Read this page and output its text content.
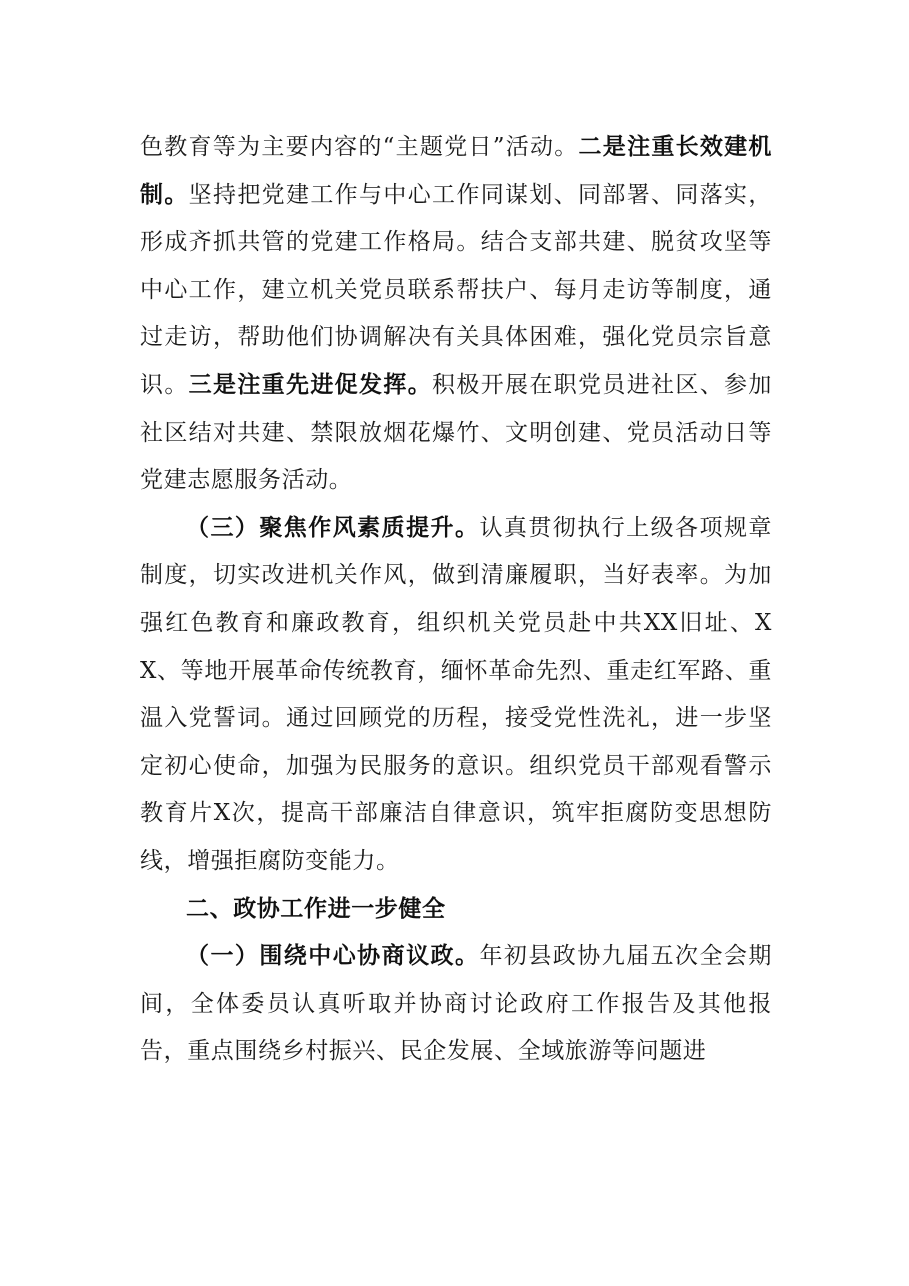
色教育等为主要内容的“主题党日”活动。二是注重长效建机制。坚持把党建工作与中心工作同谋划、同部署、同落实，形成齐抓共管的党建工作格局。结合支部共建、脱贫攻坚等中心工作，建立机关党员联系帮扶户、每月走访等制度，通过走访，帮助他们协调解决有关具体困难，强化党员宗旨意识。三是注重先进促发挥。积极开展在职党员进社区、参加社区结对共建、禁限放烟花爆竹、文明创建、党员活动日等党建志愿服务活动。

（三）聚焦作风素质提升。认真贯彻执行上级各项规章制度，切实改进机关作风，做到清廉履职，当好表率。为加强红色教育和廉政教育，组织机关党员赴中共XX旧址、XX、等地开展革命传统教育，缅怀革命先烈、重走红军路、重温入党誓词。通过回顾党的历程，接受党性洗礼，进一步坚定初心使命，加强为民服务的意识。组织党员干部观看警示教育片X次，提高干部廉洁自律意识，筑牢拒腐防变思想防线，增强拒腐防变能力。

二、政协工作进一步健全

（一）围绕中心协商议政。年初县政协九届五次全会期间，全体委员认真听取并协商讨论政府工作报告及其他报告，重点围绕乡村振兴、民企发展、全域旅游等问题进
